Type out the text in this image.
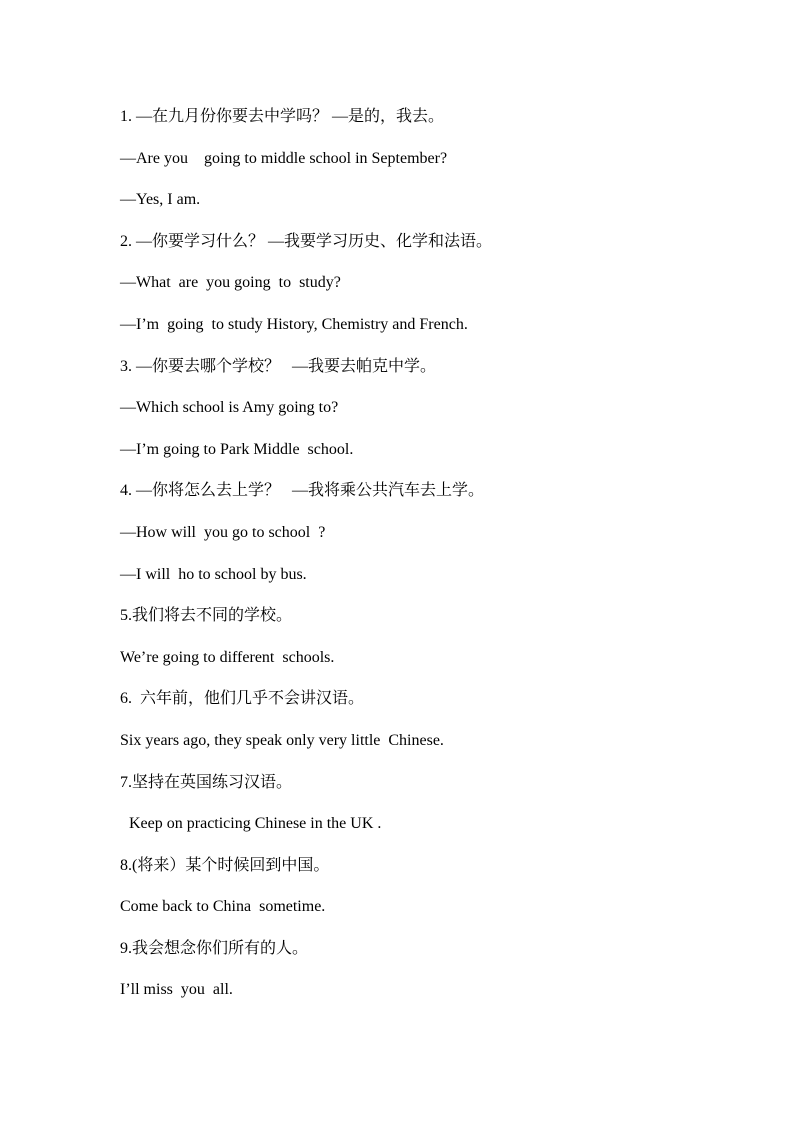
1. —在九月份你要去中学吗？ —是的，我去。
—Are you    going to middle school in September?
—Yes, I am.
2. —你要学习什么？ —我要学习历史、化学和法语。
—What  are  you going  to  study?
—I’m  going  to study History, Chemistry and French.
3. —你要去哪个学校？   —我要去帕克中学。
—Which school is Amy going to?
—I’m going to Park Middle  school.
4. —你将怎么去上学？   —我将乘公共汽车去上学。
—How will  you go to school  ?
—I will  ho to school by bus.
5.我们将去不同的学校。
We’re going to different  schools.
6.  六年前，他们几乎不会讲汉语。
Six years ago, they speak only very little  Chinese.
7.坚持在英国练习汉语。
Keep on practicing Chinese in the UK .
8.(将来）某个时候回到中国。
Come back to China  sometime.
9.我会想念你们所有的人。
I’ll miss  you  all.
